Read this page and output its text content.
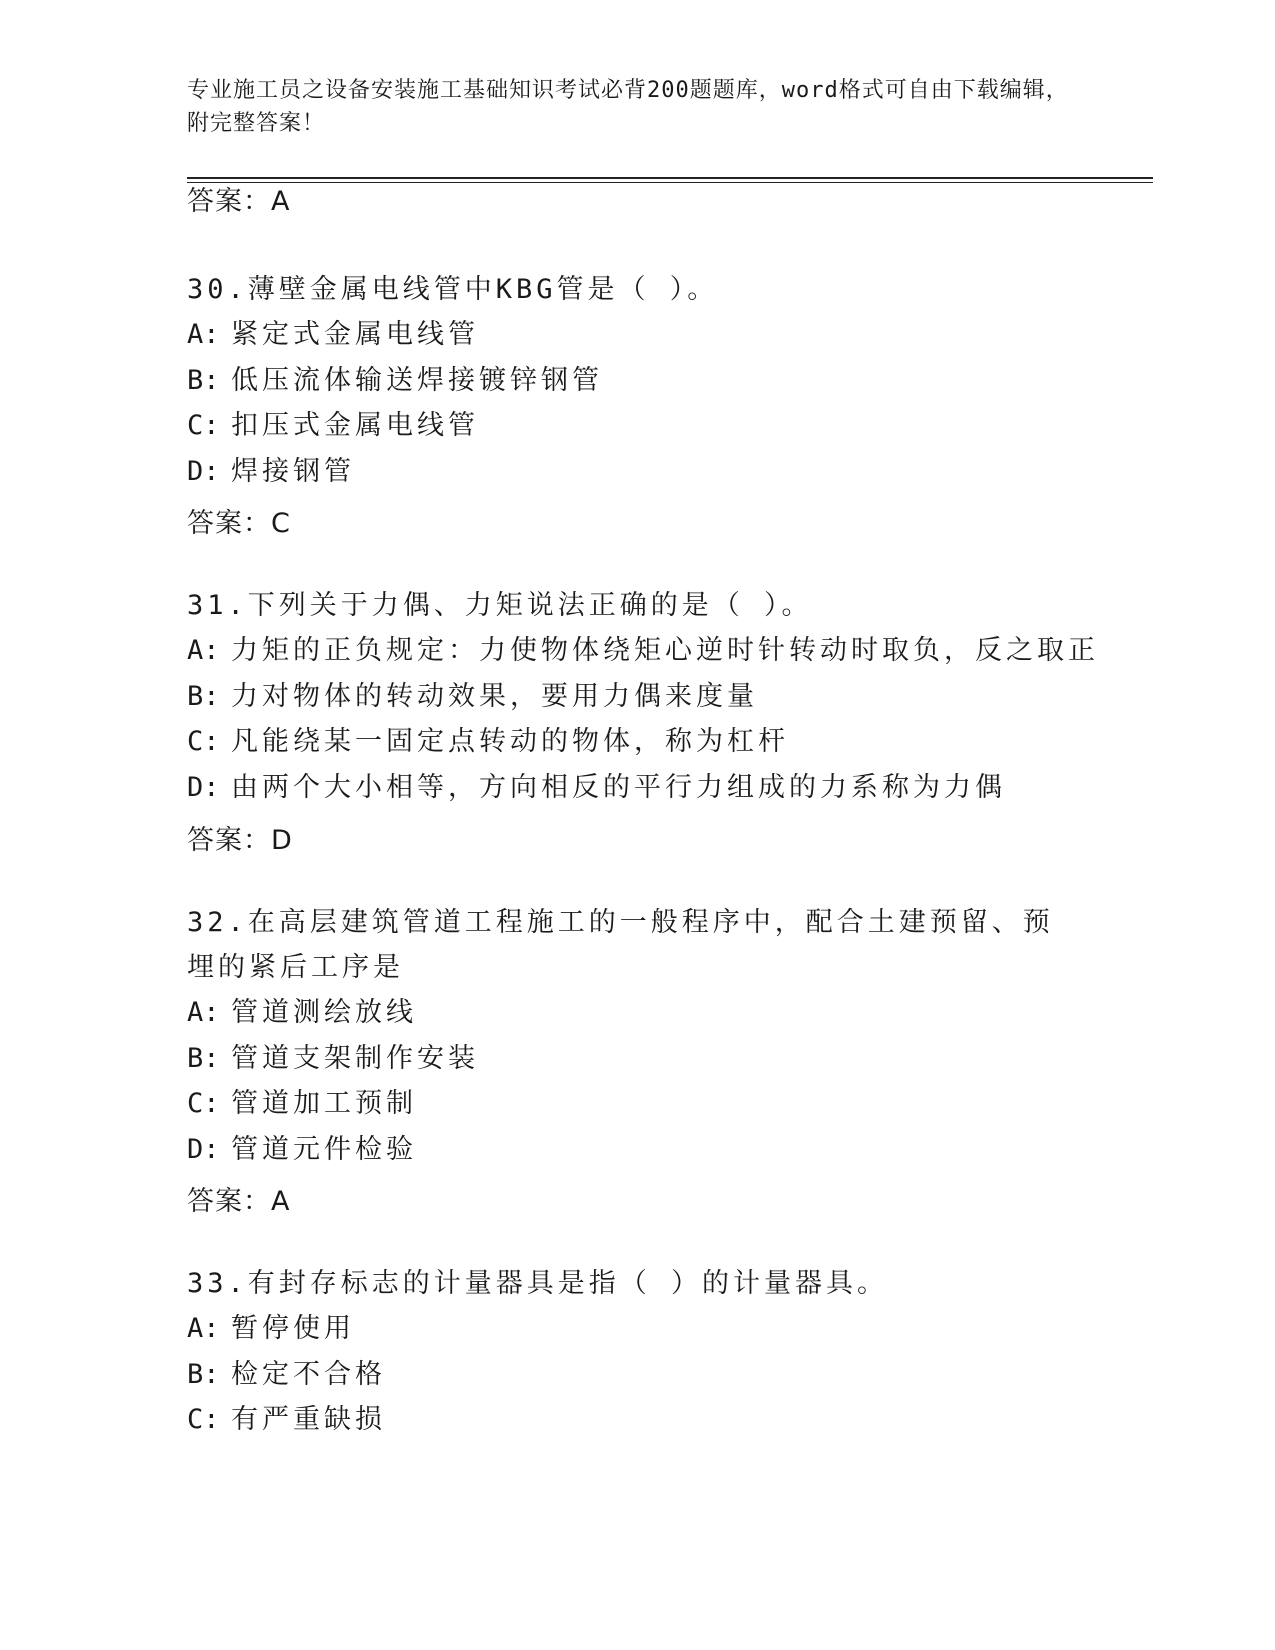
专业施工员之设备安装施工基础知识考试必背200题题库，word格式可自由下载编辑，附完整答案！

答案：A

30.薄壁金属电线管中KBG管是（ ）。

A: 紧定式金属电线管

B: 低压流体输送焊接镀锌钢管

C: 扣压式金属电线管

D: 焊接钢管

答案：C

31.下列关于力偶、力矩说法正确的是（ ）。

A: 力矩的正负规定：力使物体绕矩心逆时针转动时取负，反之取正

B: 力对物体的转动效果，要用力偶来度量

C: 凡能绕某一固定点转动的物体，称为杠杆

D: 由两个大小相等，方向相反的平行力组成的力系称为力偶

答案：D

32.在高层建筑管道工程施工的一般程序中，配合土建预留、预埋的紧后工序是

A: 管道测绘放线

B: 管道支架制作安装

C: 管道加工预制

D: 管道元件检验

答案：A

33.有封存标志的计量器具是指（ ）的计量器具。

A: 暂停使用

B: 检定不合格

C: 有严重缺损
